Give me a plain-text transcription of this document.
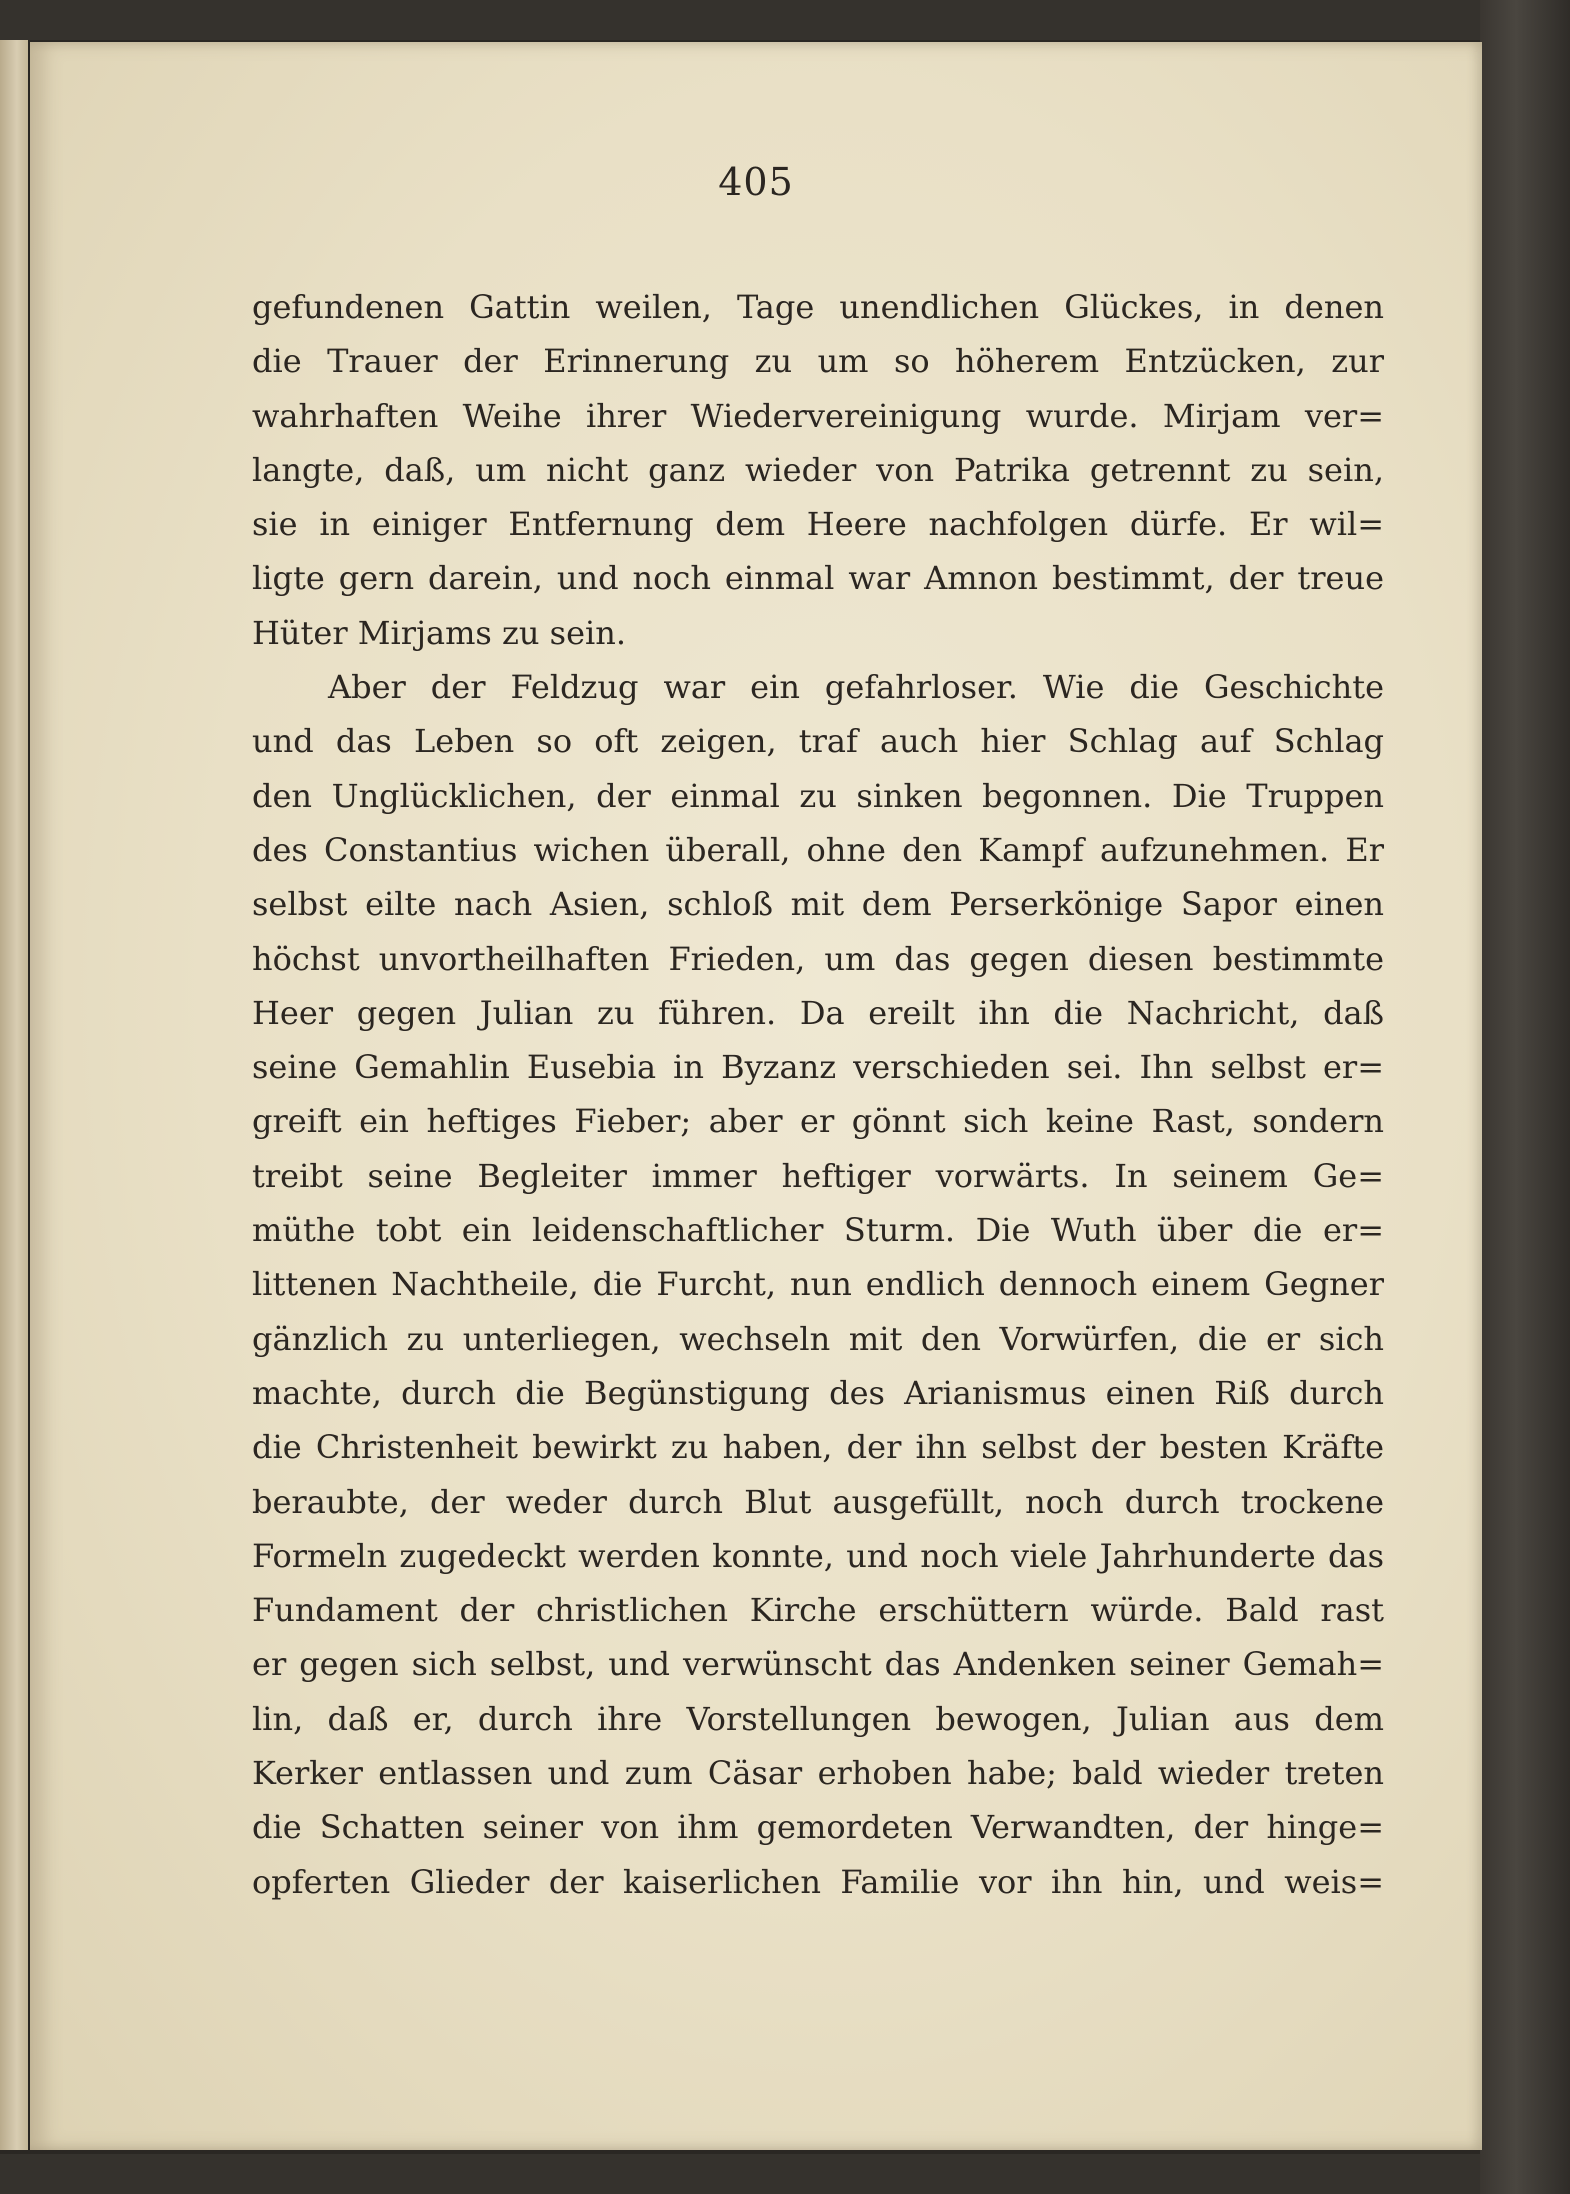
405
gefundenen Gattin weilen, Tage unendlichen Glückes, in denen
die Trauer der Erinnerung zu um so höherem Entzücken, zur
wahrhaften Weihe ihrer Wiedervereinigung wurde. Mirjam ver=
langte, daß, um nicht ganz wieder von Patrika getrennt zu sein,
sie in einiger Entfernung dem Heere nachfolgen dürfe. Er wil=
ligte gern darein, und noch einmal war Amnon bestimmt, der treue
Hüter Mirjams zu sein.
Aber der Feldzug war ein gefahrloser. Wie die Geschichte
und das Leben so oft zeigen, traf auch hier Schlag auf Schlag
den Unglücklichen, der einmal zu sinken begonnen. Die Truppen
des Constantius wichen überall, ohne den Kampf aufzunehmen. Er
selbst eilte nach Asien, schloß mit dem Perserkönige Sapor einen
höchst unvortheilhaften Frieden, um das gegen diesen bestimmte
Heer gegen Julian zu führen. Da ereilt ihn die Nachricht, daß
seine Gemahlin Eusebia in Byzanz verschieden sei. Ihn selbst er=
greift ein heftiges Fieber; aber er gönnt sich keine Rast, sondern
treibt seine Begleiter immer heftiger vorwärts. In seinem Ge=
müthe tobt ein leidenschaftlicher Sturm. Die Wuth über die er=
littenen Nachtheile, die Furcht, nun endlich dennoch einem Gegner
gänzlich zu unterliegen, wechseln mit den Vorwürfen, die er sich
machte, durch die Begünstigung des Arianismus einen Riß durch
die Christenheit bewirkt zu haben, der ihn selbst der besten Kräfte
beraubte, der weder durch Blut ausgefüllt, noch durch trockene
Formeln zugedeckt werden konnte, und noch viele Jahrhunderte das
Fundament der christlichen Kirche erschüttern würde. Bald rast
er gegen sich selbst, und verwünscht das Andenken seiner Gemah=
lin, daß er, durch ihre Vorstellungen bewogen, Julian aus dem
Kerker entlassen und zum Cäsar erhoben habe; bald wieder treten
die Schatten seiner von ihm gemordeten Verwandten, der hinge=
opferten Glieder der kaiserlichen Familie vor ihn hin, und weis=
